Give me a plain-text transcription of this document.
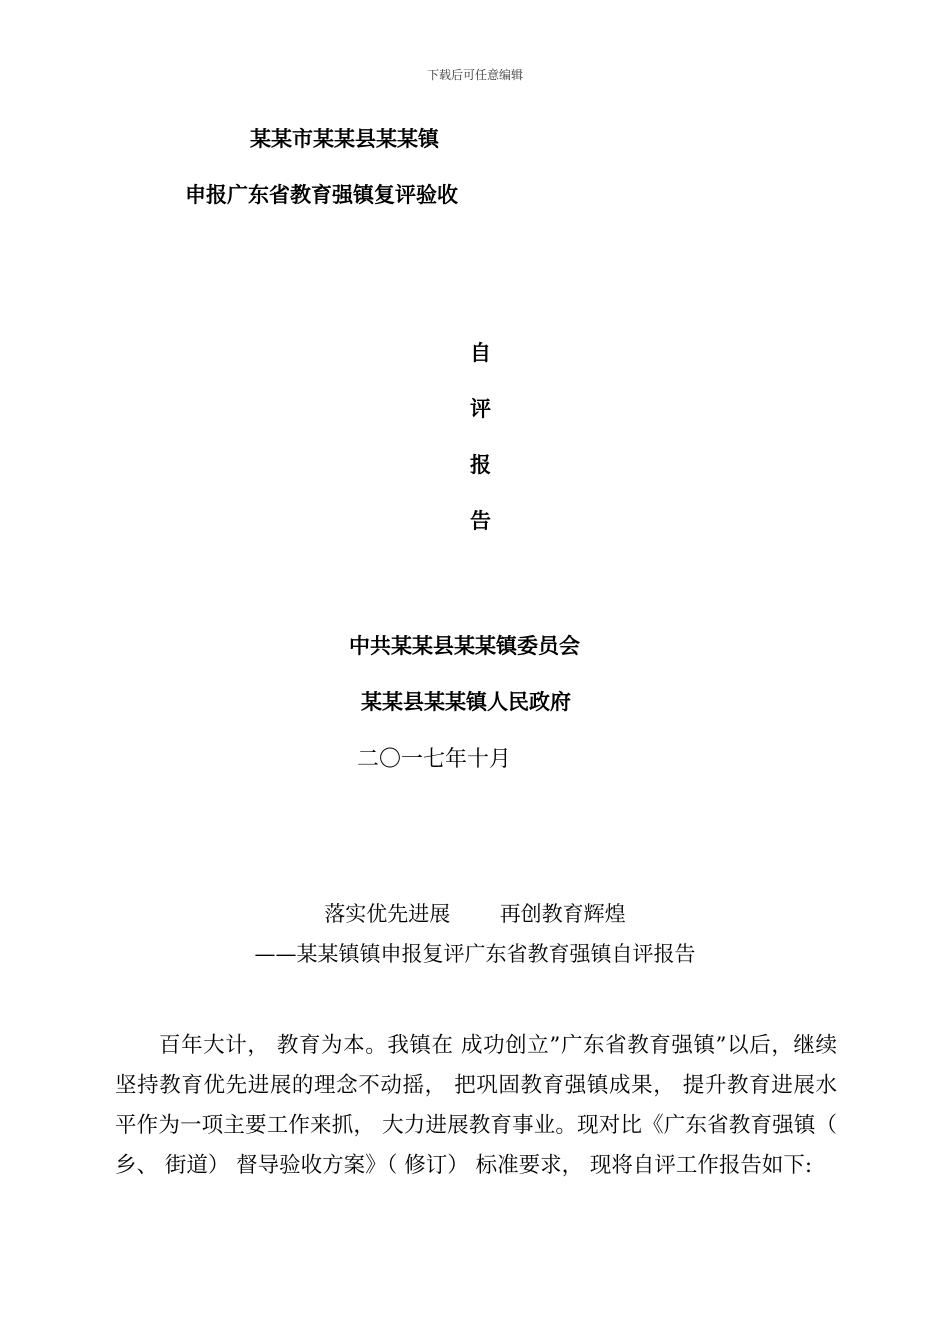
下载后可任意编辑
某某市某某县某某镇
申报广东省教育强镇复评验收
自
评
报
告
中共某某县某某镇委员会
某某县某某镇人民政府
二〇一七年十月
落实优先进展 再创教育辉煌
——某某镇镇申报复评广东省教育强镇自评报告
百年大计， 教育为本。我镇在 成功创立”广东省教育强镇”以后，继续坚持教育优先进展的理念不动摇， 把巩固教育强镇成果， 提升教育进展水平作为一项主要工作来抓， 大力进展教育事业。现对比《广东省教育强镇（ 乡、 街道） 督导验收方案》（ 修订） 标准要求， 现将自评工作报告如下:
